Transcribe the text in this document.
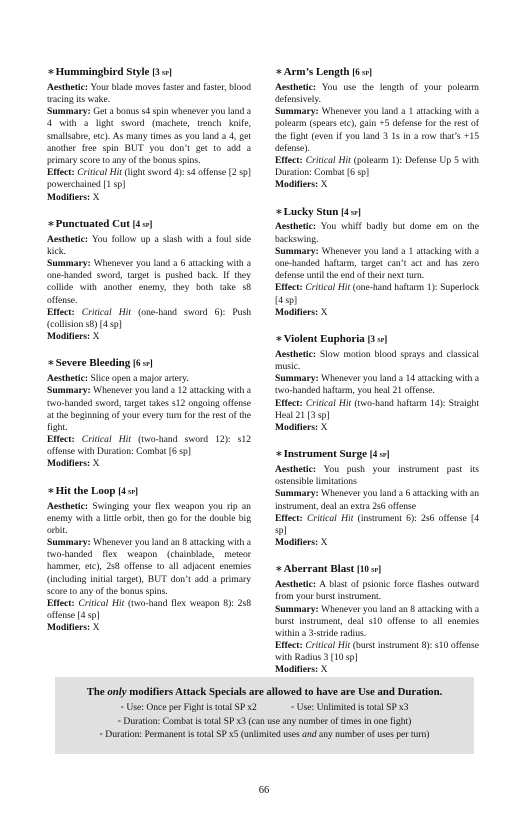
∗Hummingbird Style [3 sp]

Aesthetic: Your blade moves faster and faster, blood tracing its wake.

Summary: Get a bonus s4 spin whenever you land a 4 with a light sword (machete, trench knife, smallsabre, etc). As many times as you land a 4, get another free spin BUT you don’t get to add a primary score to any of the bonus spins.

Effect: Critical Hit (light sword 4): s4 offense [2 sp] powerchained [1 sp]

Modifiers: X

∗Punctuated Cut [4 sp]

Aesthetic: You follow up a slash with a foul side kick.

Summary: Whenever you land a 6 attacking with a one-handed sword, target is pushed back. If they collide with another enemy, they both take s8 offense.

Effect: Critical Hit (one-hand sword 6): Push (collision s8) [4 sp]

Modifiers: X

∗Severe Bleeding [6 sp]

Aesthetic: Slice open a major artery.

Summary: Whenever you land a 12 attacking with a two-handed sword, target takes s12 ongoing offense at the beginning of your every turn for the rest of the fight.

Effect: Critical Hit (two-hand sword 12): s12 offense with Duration: Combat [6 sp]

Modifiers: X

∗Hit the Loop [4 sp]

Aesthetic: Swinging your flex weapon you rip an enemy with a little orbit, then go for the double big orbit.

Summary: Whenever you land an 8 attacking with a two-handed flex weapon (chainblade, meteor hammer, etc), 2s8 offense to all adjacent enemies (including initial target), BUT don’t add a primary score to any of the bonus spins.

Effect: Critical Hit (two-hand flex weapon 8): 2s8 offense [4 sp]

Modifiers: X

∗Arm’s Length [6 sp]

Aesthetic: You use the length of your polearm defensively.

Summary: Whenever you land a 1 attacking with a polearm (spears etc), gain +5 defense for the rest of the fight (even if you land 3 1s in a row that’s +15 defense).

Effect: Critical Hit (polearm 1): Defense Up 5 with Duration: Combat [6 sp]

Modifiers: X

∗Lucky Stun [4 sp]

Aesthetic: You whiff badly but dome em on the backswing.

Summary: Whenever you land a 1 attacking with a one-handed haftarm, target can’t act and has zero defense until the end of their next turn.

Effect: Critical Hit (one-hand haftarm 1): Superlock [4 sp]

Modifiers: X

∗Violent Euphoria [3 sp]

Aesthetic: Slow motion blood sprays and classical music.

Summary: Whenever you land a 14 attacking with a two-handed haftarm, you heal 21 offense.

Effect: Critical Hit (two-hand haftarm 14): Straight Heal 21 [3 sp]

Modifiers: X

∗Instrument Surge [4 sp]

Aesthetic: You push your instrument past its ostensible limitations

Summary: Whenever you land a 6 attacking with an instrument, deal an extra 2s6 offense

Effect: Critical Hit (instrument 6): 2s6 offense [4 sp]

Modifiers: X

∗Aberrant Blast [10 sp]

Aesthetic: A blast of psionic force flashes outward from your burst instrument.

Summary: Whenever you land an 8 attacking with a burst instrument, deal s10 offense to all enemies within a 3-stride radius.

Effect: Critical Hit (burst instrument 8): s10 offense with Radius 3 [10 sp]

Modifiers: X

The only modifiers Attack Specials are allowed to have are Use and Duration.
◦ Use: Once per Fight is total SP x2	◦ Use: Unlimited is total SP x3
◦ Duration: Combat is total SP x3 (can use any number of times in one fight)
◦ Duration: Permanent is total SP x5 (unlimited uses and any number of uses per turn)
66
